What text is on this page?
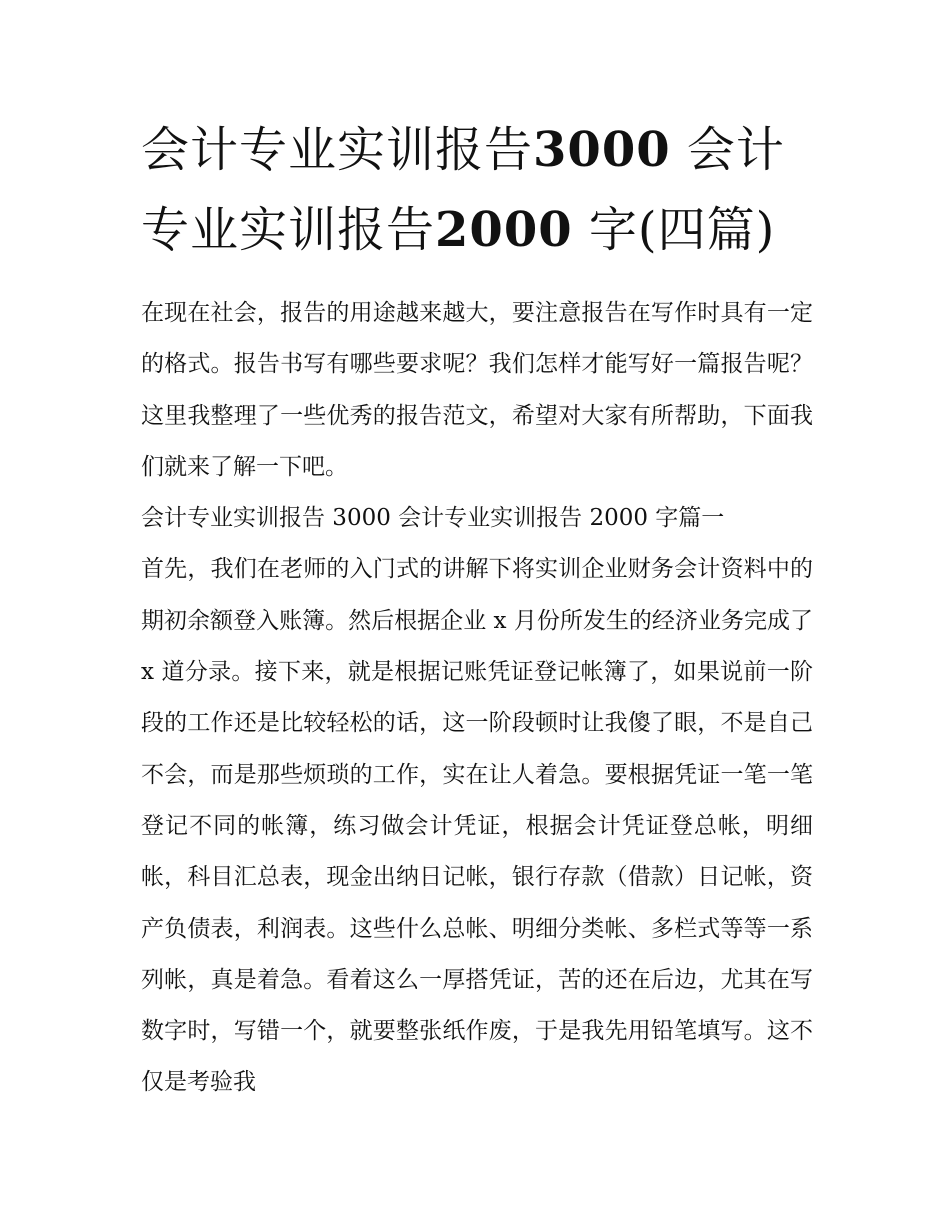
会计专业实训报告3000 会计
专业实训报告2000 字(四篇)

在现在社会，报告的用途越来越大，要注意报告在写作时具有一定的格式。报告书写有哪些要求呢？我们怎样才能写好一篇报告呢？这里我整理了一些优秀的报告范文，希望对大家有所帮助，下面我们就来了解一下吧。

会计专业实训报告 3000 会计专业实训报告 2000 字篇一

首先，我们在老师的入门式的讲解下将实训企业财务会计资料中的期初余额登入账簿。然后根据企业 x 月份所发生的经济业务完成了 x 道分录。接下来，就是根据记账凭证登记帐簿了，如果说前一阶段的工作还是比较轻松的话，这一阶段顿时让我傻了眼，不是自己不会，而是那些烦琐的工作，实在让人着急。要根据凭证一笔一笔登记不同的帐簿，练习做会计凭证，根据会计凭证登总帐，明细帐，科目汇总表，现金出纳日记帐，银行存款（借款）日记帐，资产负债表，利润表。这些什么总帐、明细分类帐、多栏式等等一系列帐，真是着急。看着这么一厚搭凭证，苦的还在后边，尤其在写数字时，写错一个，就要整张纸作废，于是我先用铅笔填写。这不仅是考验我
